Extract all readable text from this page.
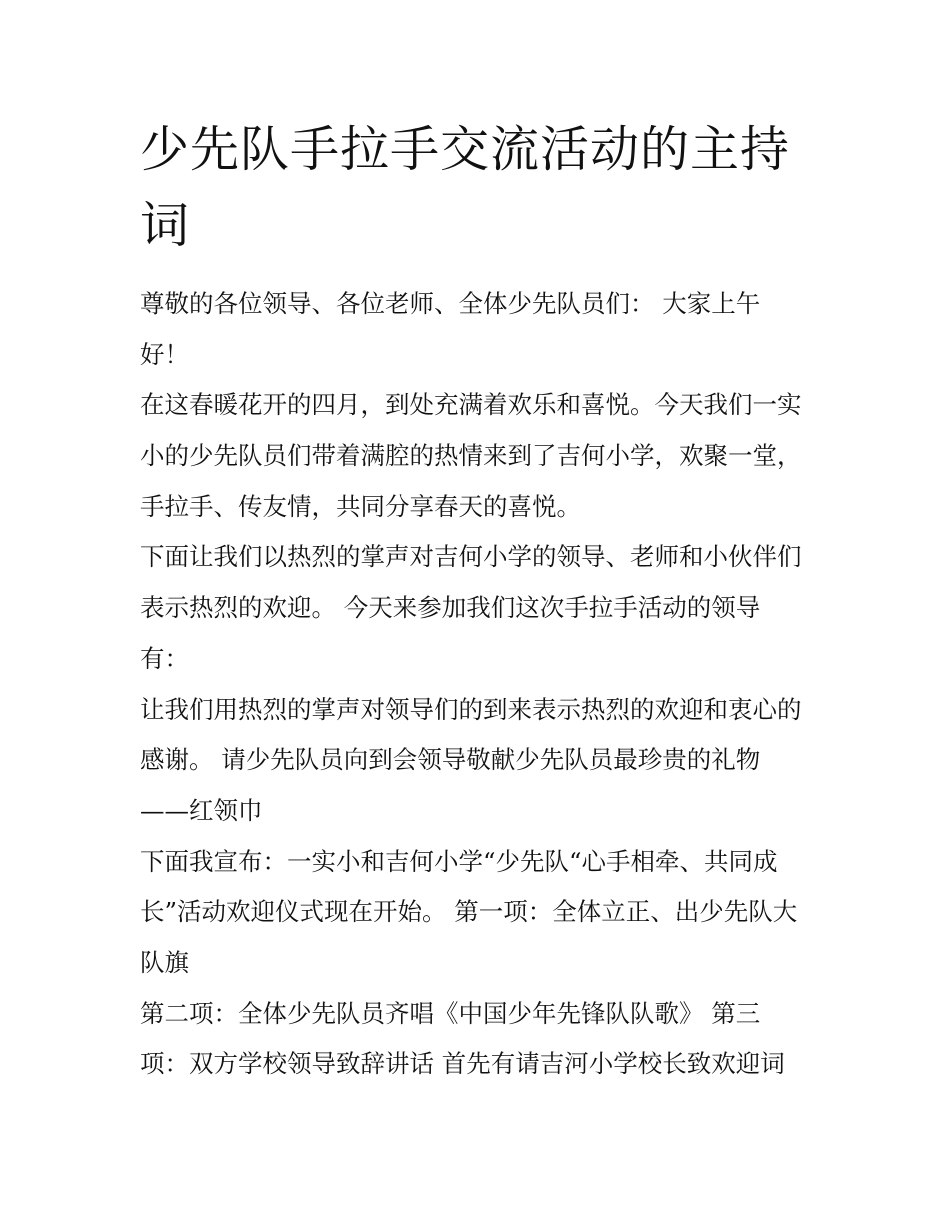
少先队手拉手交流活动的主持
词
尊敬的各位领导、各位老师、全体少先队员们： 大家上午
好！
在这春暖花开的四月，到处充满着欢乐和喜悦。今天我们一实
小的少先队员们带着满腔的热情来到了吉何小学，欢聚一堂，
手拉手、传友情，共同分享春天的喜悦。
下面让我们以热烈的掌声对吉何小学的领导、老师和小伙伴们
表示热烈的欢迎。 今天来参加我们这次手拉手活动的领导
有：
让我们用热烈的掌声对领导们的到来表示热烈的欢迎和衷心的
感谢。 请少先队员向到会领导敬献少先队员最珍贵的礼物
——红领巾
下面我宣布：一实小和吉何小学“少先队“心手相牵、共同成
长”活动欢迎仪式现在开始。 第一项：全体立正、出少先队大
队旗
第二项：全体少先队员齐唱《中国少年先锋队队歌》 第三
项：双方学校领导致辞讲话 首先有请吉河小学校长致欢迎词
